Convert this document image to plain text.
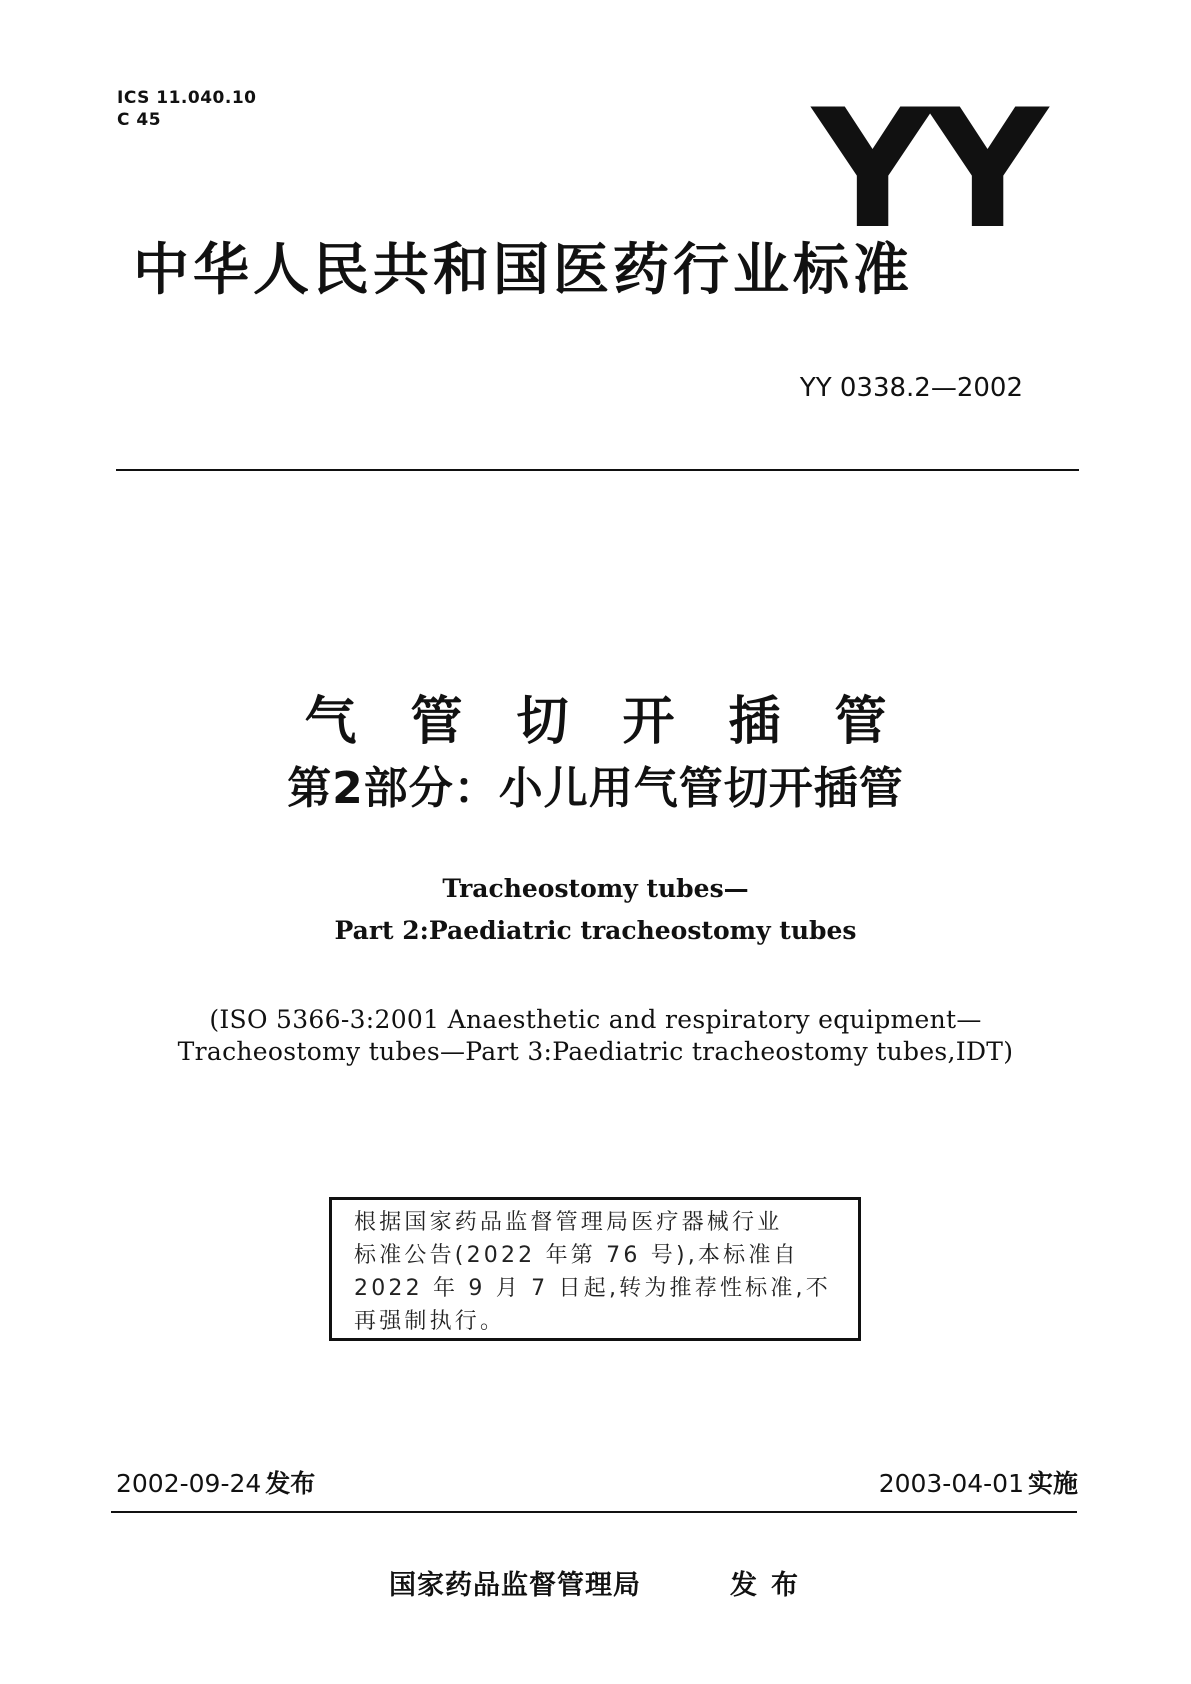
ICS 11.040.10
C 45	YY
中华人民共和国医药行业标准
YY 0338.2—2002
气管切开插管
第2部分：小儿用气管切开插管
Tracheostomy tubes—
Part 2:Paediatric tracheostomy tubes
(ISO 5366-3:2001 Anaesthetic and respiratory equipment—
Tracheostomy tubes—Part 3:Paediatric tracheostomy tubes,IDT)
根据国家药品监督管理局医疗器械行业
标准公告(2022 年第 76 号),本标准自
2022 年 9 月 7 日起,转为推荐性标准,不
再强制执行。
2002-09-24 发布	2003-04-01 实施
国家药品监督管理局	发布
